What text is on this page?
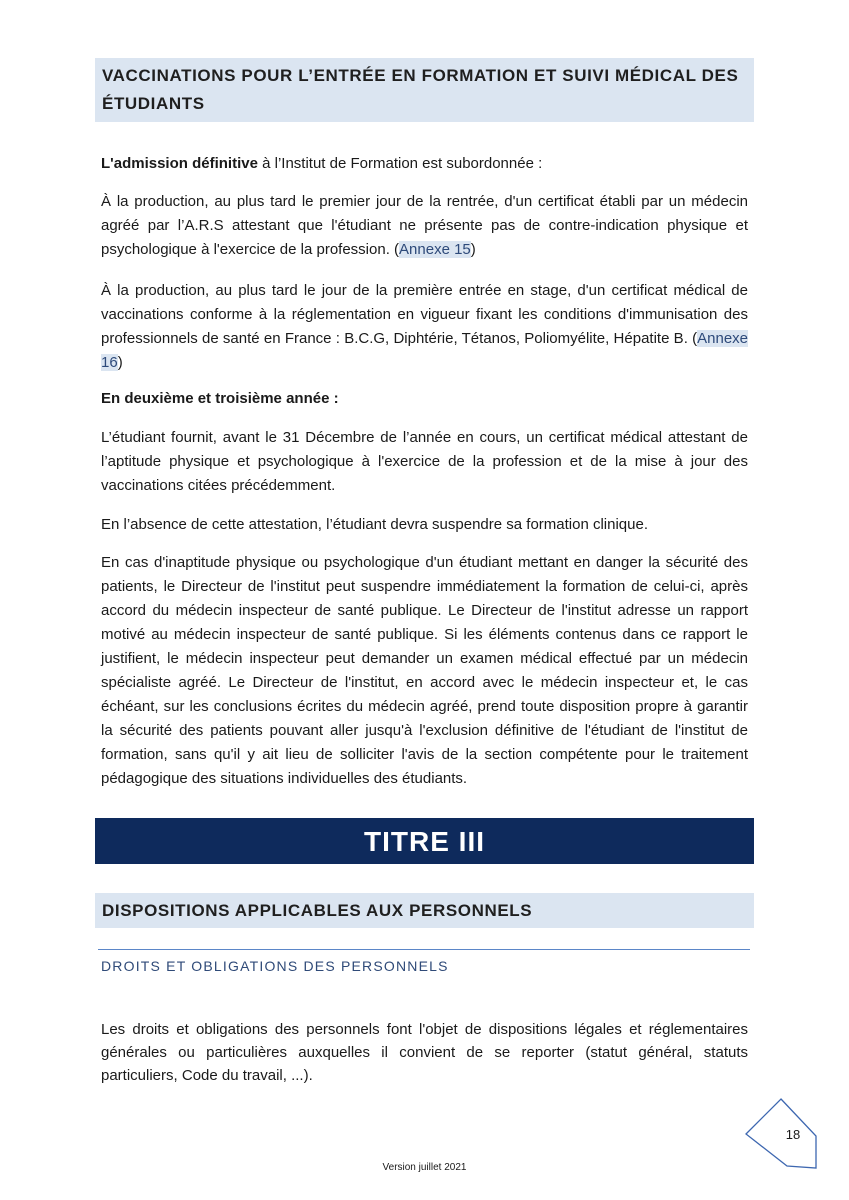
VACCINATIONS POUR L’ENTRÉE EN FORMATION ET SUIVI MÉDICAL DES ÉTUDIANTS

L'admission définitive à l’Institut de Formation est subordonnée :

À la production, au plus tard le premier jour de la rentrée, d'un certificat établi par un médecin agréé par l’A.R.S attestant que l'étudiant ne présente pas de contre-indication physique et psychologique à l'exercice de la profession. (Annexe 15)

À la production, au plus tard le jour de la première entrée en stage, d'un certificat médical de vaccinations conforme à la réglementation en vigueur fixant les conditions d'immunisation des professionnels de santé en France : B.C.G, Diphtérie, Tétanos, Poliomyélite, Hépatite B. (Annexe 16)

En deuxième et troisième année :

L’étudiant fournit, avant le 31 Décembre de l’année en cours, un certificat médical attestant de l’aptitude physique et psychologique à l'exercice de la profession et de la mise à jour des vaccinations citées précédemment.

En l’absence de cette attestation, l’étudiant devra suspendre sa formation clinique.

En cas d'inaptitude physique ou psychologique d'un étudiant mettant en danger la sécurité des patients, le Directeur de l'institut peut suspendre immédiatement la formation de celui-ci, après accord du médecin inspecteur de santé publique. Le Directeur de l'institut adresse un rapport motivé au médecin inspecteur de santé publique. Si les éléments contenus dans ce rapport le justifient, le médecin inspecteur peut demander un examen médical effectué par un médecin spécialiste agréé. Le Directeur de l'institut, en accord avec le médecin inspecteur et, le cas échéant, sur les conclusions écrites du médecin agréé, prend toute disposition propre à garantir la sécurité des patients pouvant aller jusqu'à l'exclusion définitive de l'étudiant de l'institut de formation, sans qu'il y ait lieu de solliciter l'avis de la section compétente pour le traitement pédagogique des situations individuelles des étudiants.

TITRE III
DISPOSITIONS APPLICABLES AUX PERSONNELS
DROITS ET OBLIGATIONS DES PERSONNELS

Les droits et obligations des personnels font l'objet de dispositions légales et réglementaires générales ou particulières auxquelles il convient de se reporter (statut général, statuts particuliers, Code du travail, ...).

18
Version juillet 2021
